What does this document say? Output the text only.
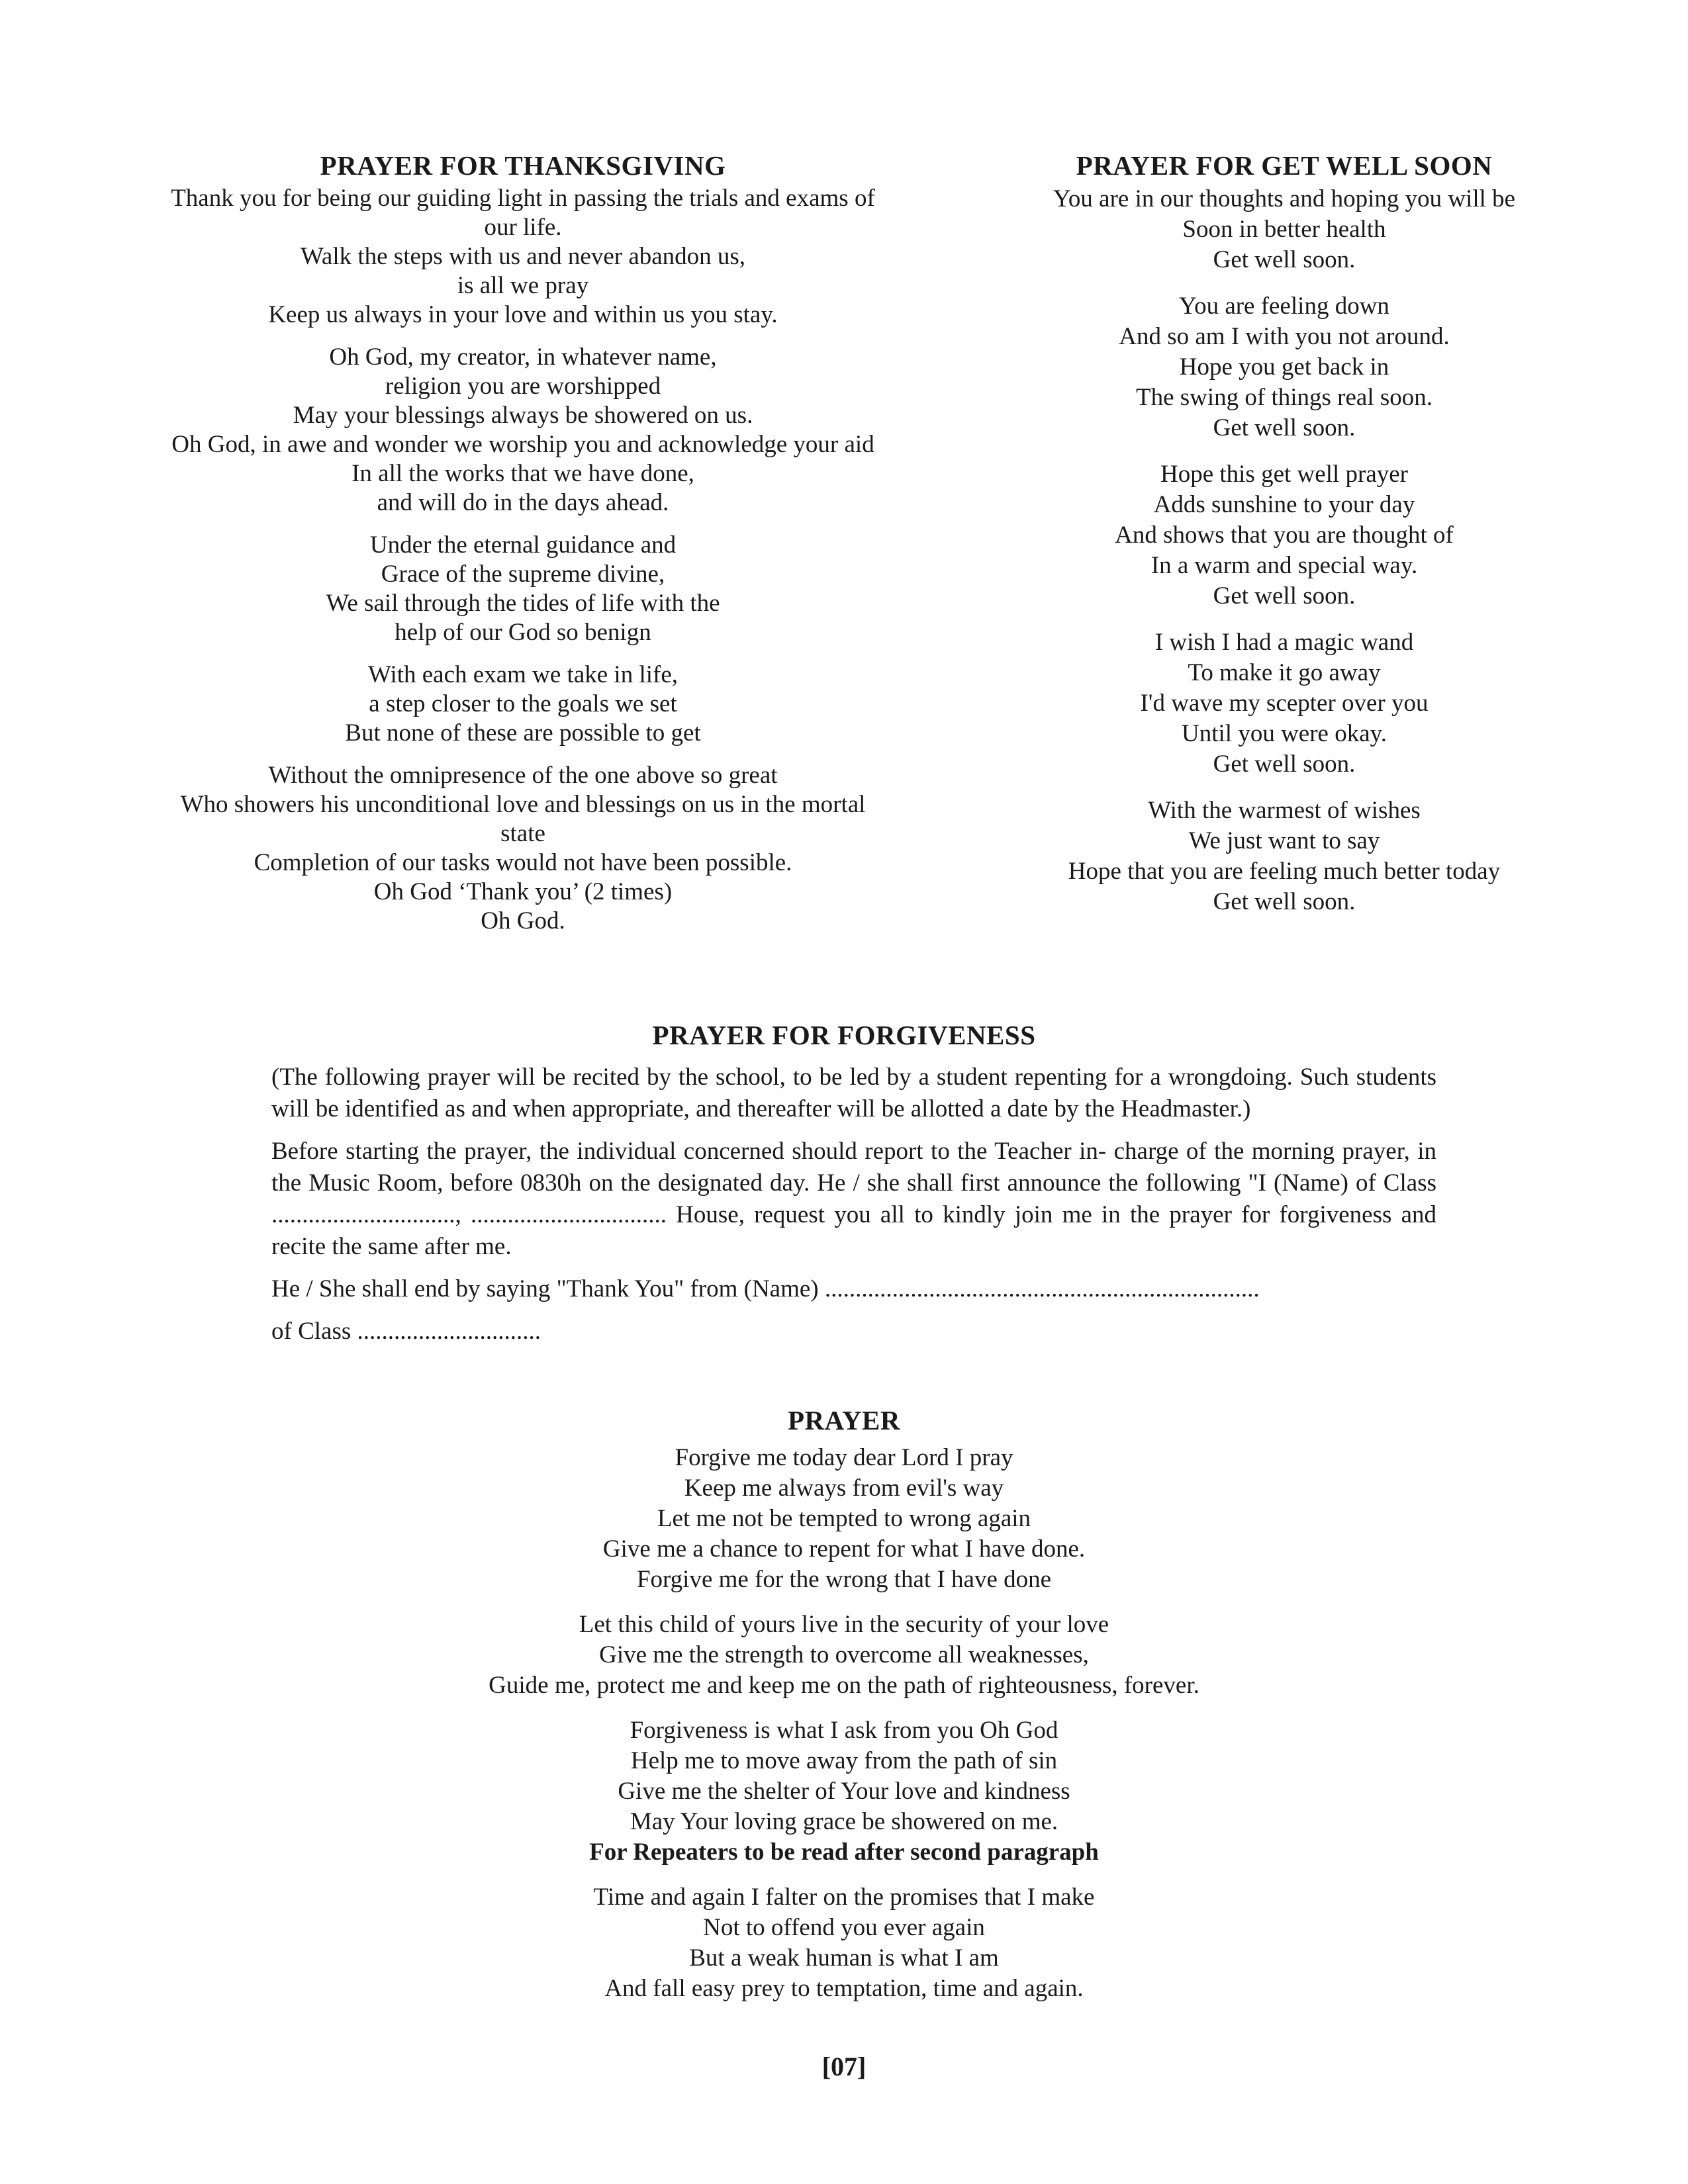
PRAYER FOR THANKSGIVING
Thank you for being our guiding light in passing the trials and exams of
our life.
Walk the steps with us and never abandon us,
is all we pray
Keep us always in your love and within us you stay.
Oh God, my creator, in whatever name,
religion you are worshipped
May your blessings always be showered on us.
Oh God, in awe and wonder we worship you and acknowledge your aid
In all the works that we have done,
and will do in the days ahead.
Under the eternal guidance and
Grace of the supreme divine,
We sail through the tides of life with the
help of our God so benign
With each exam we take in life,
a step closer to the goals we set
But none of these are possible to get
Without the omnipresence of the one above so great
Who showers his unconditional love and blessings on us in the mortal
state
Completion of our tasks would not have been possible.
Oh God ‘Thank you’ (2 times)
Oh God.
PRAYER FOR GET WELL SOON
You are in our thoughts and hoping you will be
Soon in better health
Get well soon.
You are feeling down
And so am I with you not around.
Hope you get back in
The swing of things real soon.
Get well soon.
Hope this get well prayer
Adds sunshine to your day
And shows that you are thought of
In a warm and special way.
Get well soon.
I wish I had a magic wand
To make it go away
I'd wave my scepter over you
Until you were okay.
Get well soon.
With the warmest of wishes
We just want to say
Hope that you are feeling much better today
Get well soon.
PRAYER FOR FORGIVENESS
(The following prayer will be recited by the school, to be led by a student repenting for a wrongdoing. Such students will be identified as and when appropriate, and thereafter will be allotted a date by the Headmaster.)
Before starting the prayer, the individual concerned should report to the Teacher in- charge of the morning prayer, in the Music Room, before 0830h on the designated day. He / she shall first announce the following "I (Name) of Class .............................., ................................ House, request you all to kindly join me in the prayer for forgiveness and recite the same after me.
He / She shall end by saying "Thank You" from (Name) .......................................................................
of Class ..............................
PRAYER
Forgive me today dear Lord I pray
Keep me always from evil's way
Let me not be tempted to wrong again
Give me a chance to repent for what I have done.
Forgive me for the wrong that I have done
Let this child of yours live in the security of your love
Give me the strength to overcome all weaknesses,
Guide me, protect me and keep me on the path of righteousness, forever.
Forgiveness is what I ask from you Oh God
Help me to move away from the path of sin
Give me the shelter of Your love and kindness
May Your loving grace be showered on me.
For Repeaters to be read after second paragraph
Time and again I falter on the promises that I make
Not to offend you ever again
But a weak human is what I am
And fall easy prey to temptation, time and again.
[07]
